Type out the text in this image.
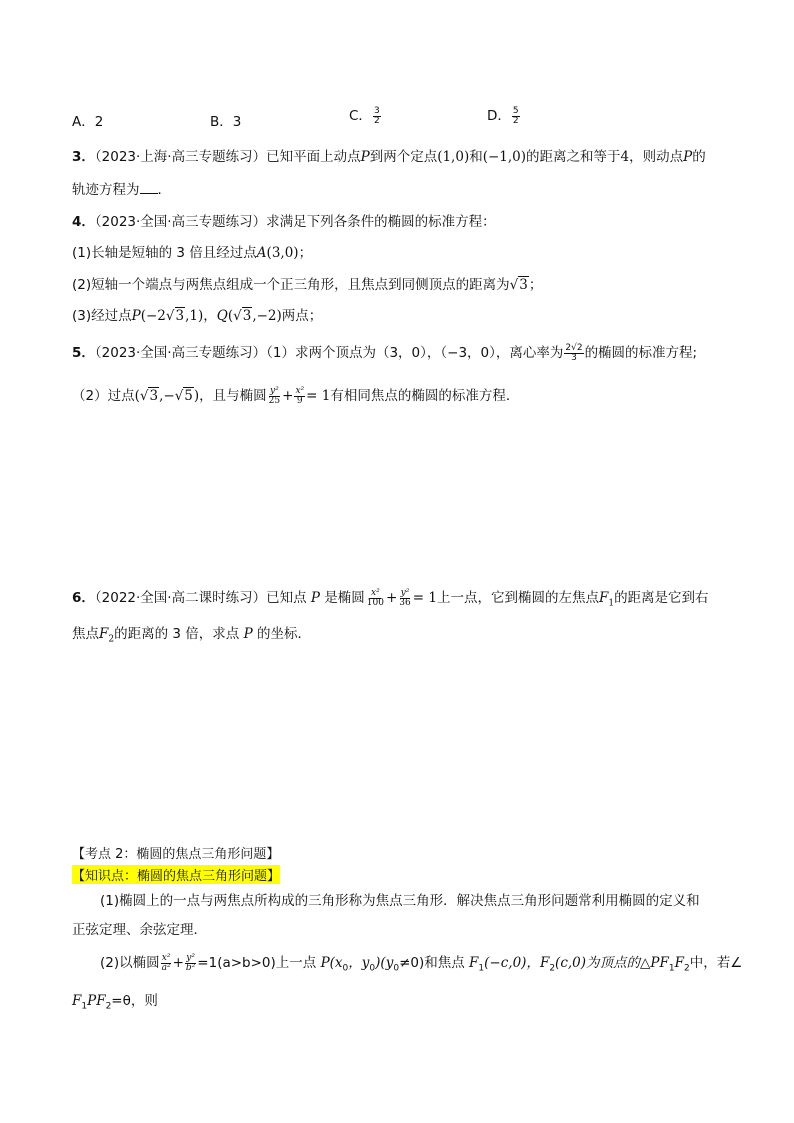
A．2	B．3	C． $\frac{3}{2}$	D． $\frac{5}{2}$
3．（2023·上海·高三专题练习）已知平面上动点P到两个定点(1,0)和(−1,0)的距离之和等于4，则动点P的
轨迹方程为 ．
4．（2023·全国·高三专题练习）求满足下列各条件的椭圆的标准方程：
(1)长轴是短轴的 3 倍且经过点A(3,0)；
(2)短轴一个端点与两焦点组成一个正三角形，且焦点到同侧顶点的距离为√3；
(3)经过点P(−2√3,1)，Q(√3,−2)两点；
5．（2023·全国·高三专题练习）（1）求两个顶点为（3，0），（−3，0），离心率为 $\frac{2√2}{3}$ 的椭圆的标准方程;
（2）过点(√3,−√5)，且与椭圆 $\frac{\text{y²}}{25} + \frac{\text{x²}}{9} = 1$有相同焦点的椭圆的标准方程．
6．（2022·全国·高二课时练习）已知点 P 是椭圆 $\frac{\text{x²}}{100} + \frac{\text{y²}}{36} = 1$上一点，它到椭圆的左焦点$F_1$的距离是它到右
焦点$F_2$的距离的 3 倍，求点 P 的坐标．
【考点 2：椭圆的焦点三角形问题】
【知识点：椭圆的焦点三角形问题】
(1)椭圆上的一点与两焦点所构成的三角形称为焦点三角形．解决焦点三角形问题常利用椭圆的定义和
正弦定理、余弦定理．
(2)以椭圆 $\frac{\text{x²}}{\text{a²}} + \frac{\text{y²}}{\text{b²}} =1(a>b>0)$上一点 $P(x_0$，$y_0)(y_0\ne 0)$和焦点 $F_1(-c,0)$，$F_2(c,0)$为顶点的$\triangle PF_1F_2$中，若∠
$F_1PF_2=\theta$，则
